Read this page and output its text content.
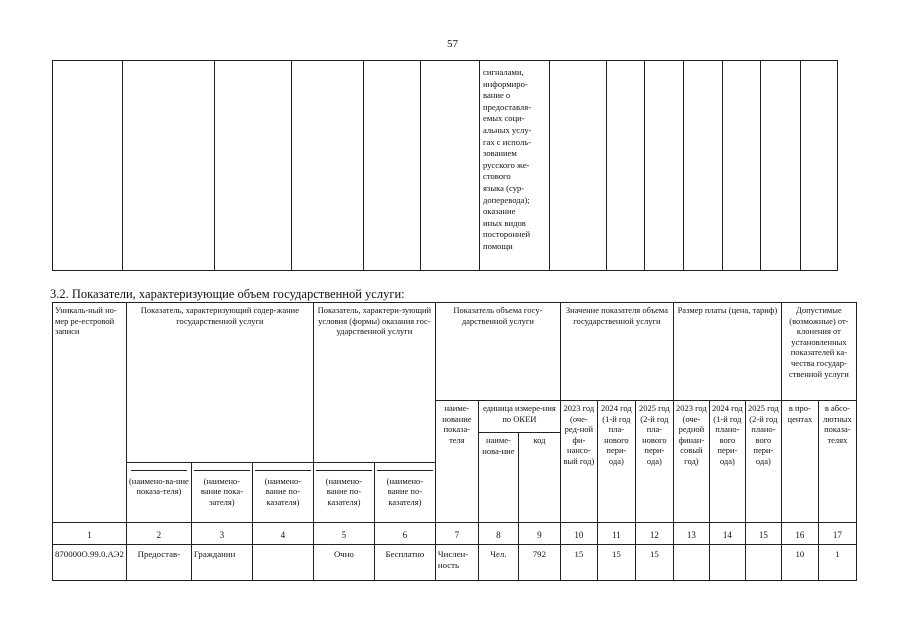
57

сигналами,
информиро-
вание о
предоставля-
емых соци-
альных услу-
гах с исполь-
зованием
русского же-
стового
языка (сур-
доперевода);
оказание
иных видов
посторонней
помощи

3.2. Показатели, характеризующие объем государственной услуги:
Уникаль-ный но-мер ре-естровой записи	Показатель, характеризующий содер-жание государственной услуги			Показатель, характери-зующий условия (формы) оказания гос-ударственной услуги		Показатель объема госу-дарственной услуги			Значение показателя объема государственной услуги			Размер платы (цена, тариф)			Допустимые (возможные) от-клонения от установленных показателей ка-чества государ-ственной услуги	
						наиме-нование показа-теля	единица измере-ния по ОКЕИ		2023 год (оче-ред-ной фи-нансо-вый год)	2024 год (1-й год пла-нового пери-ода)	2025 год (2-й год пла-нового пери-ода)	2023 год (оче-редной финан-совый год)	2024 год (1-й год плано-вого пери-ода)	2025 год (2-й год плано-вого пери-ода)	в про-центах	в абсо-лютных показа-телях
							наиме-нова-ние	код								

	(наимено-ва-ние показа-теля)	(наимено-вание пока-зателя)	(наимено-вание по-казателя)	(наимено-вание по-казателя)	(наимено-вание по-казателя)											

1	2	3	4	5	6	7	8	9	10	11	12	13	14	15	16	17
870000О.99.0.АЭ2	Предостав-	Гражданин		Очно	Бесплатно	Числен-ность	Чел.	792	15	15	15				10	1
